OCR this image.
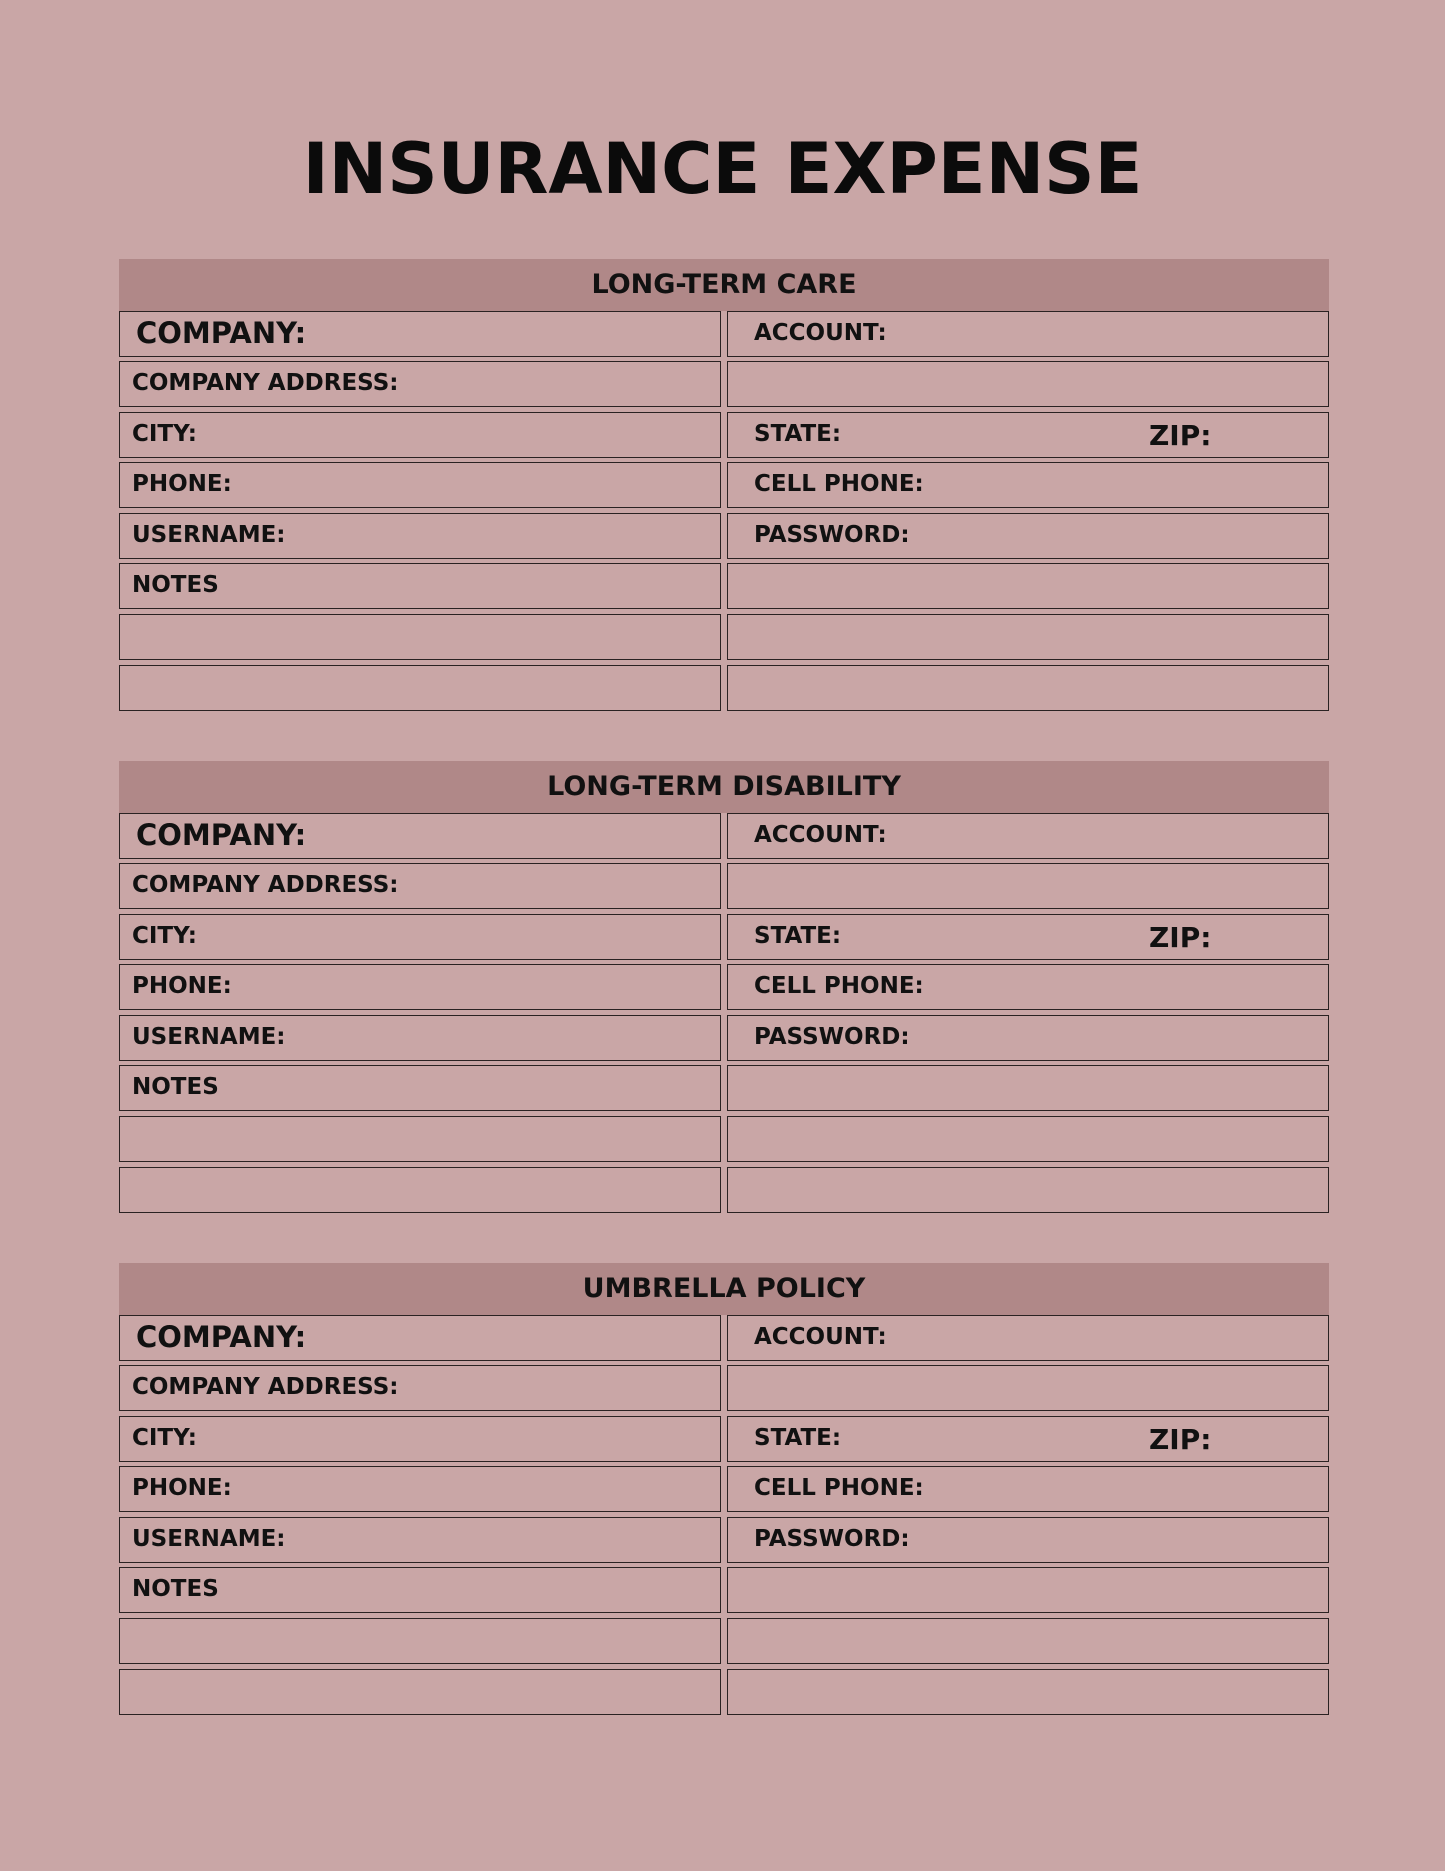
INSURANCE EXPENSE
LONG-TERM CARE
COMPANY:	ACCOUNT:
COMPANY ADDRESS:
CITY:	STATE:	ZIP:
PHONE:	CELL PHONE:
USERNAME:	PASSWORD:
NOTES
LONG-TERM DISABILITY
COMPANY:	ACCOUNT:
COMPANY ADDRESS:
CITY:	STATE:	ZIP:
PHONE:	CELL PHONE:
USERNAME:	PASSWORD:
NOTES
UMBRELLA POLICY
COMPANY:	ACCOUNT:
COMPANY ADDRESS:
CITY:	STATE:	ZIP:
PHONE:	CELL PHONE:
USERNAME:	PASSWORD:
NOTES
